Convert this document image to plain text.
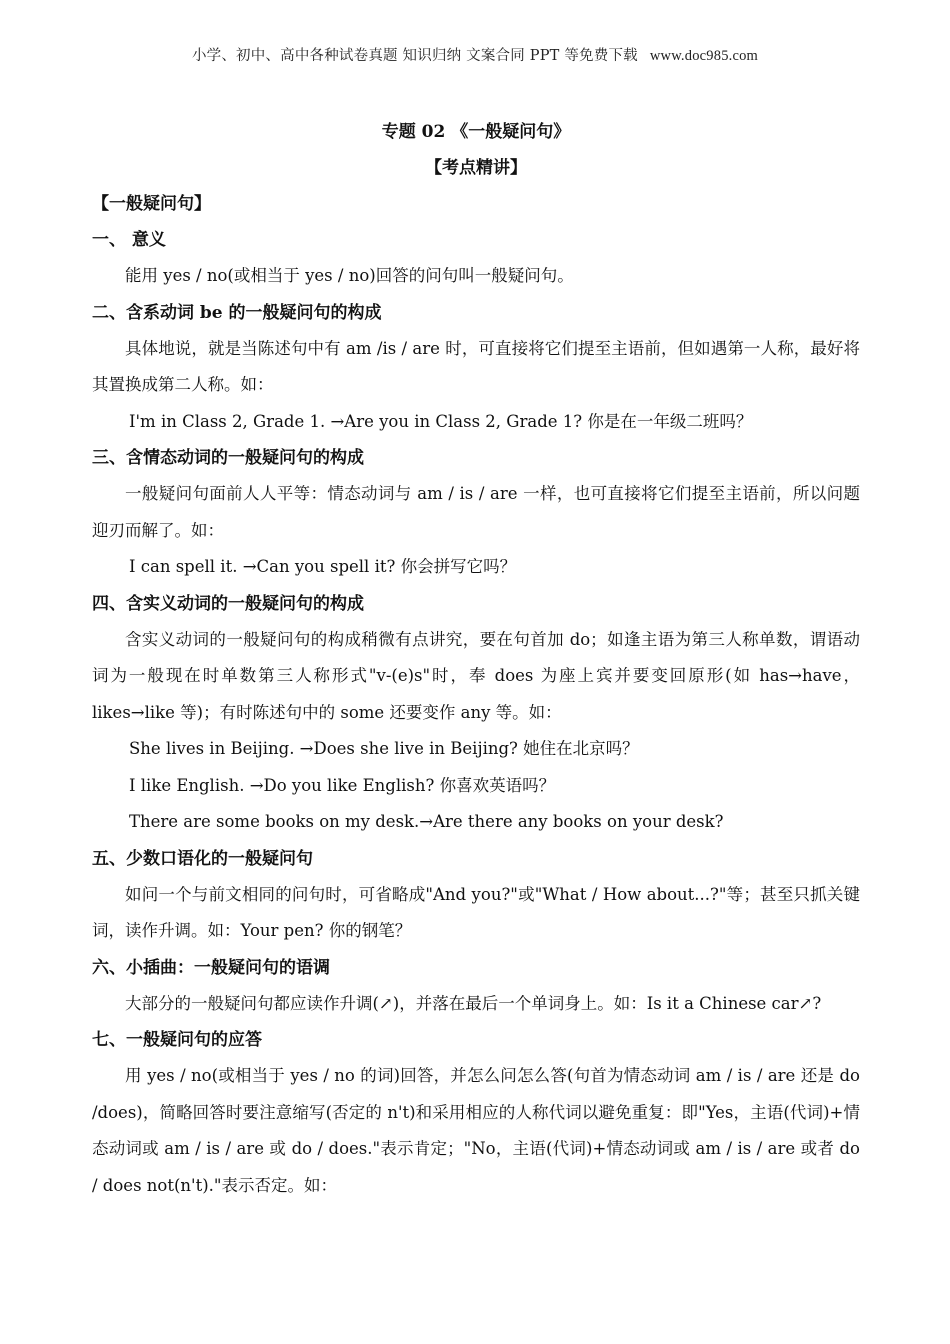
小学、初中、高中各种试卷真题 知识归纳 文案合同 PPT 等免费下载 www.doc985.com
专题 02 《一般疑问句》
【考点精讲】
【一般疑问句】
一、 意义

能用 yes / no(或相当于 yes / no)回答的问句叫一般疑问句。

二、含系动词 be 的一般疑问句的构成

具体地说，就是当陈述句中有 am /is / are 时，可直接将它们提至主语前，但如遇第一人称，最好将其置换成第二人称。如：

I'm in Class 2, Grade 1. →Are you in Class 2, Grade 1? 你是在一年级二班吗？

三、含情态动词的一般疑问句的构成

一般疑问句面前人人平等：情态动词与 am / is / are 一样，也可直接将它们提至主语前，所以问题迎刃而解了。如：

I can spell it. →Can you spell it? 你会拼写它吗？

四、含实义动词的一般疑问句的构成

含实义动词的一般疑问句的构成稍微有点讲究，要在句首加 do；如逢主语为第三人称单数，谓语动词为一般现在时单数第三人称形式"v-(e)s"时，奉 does 为座上宾并要变回原形(如 has→have，likes→like 等)；有时陈述句中的 some 还要变作 any 等。如：

She lives in Beijing. →Does she live in Beijing? 她住在北京吗？

I like English. →Do you like English? 你喜欢英语吗？

There are some books on my desk.→Are there any books on your desk?

五、少数口语化的一般疑问句

如问一个与前文相同的问句时，可省略成"And you?"或"What / How about...?"等；甚至只抓关键词，读作升调。如：Your pen? 你的钢笔？

六、小插曲：一般疑问句的语调

大部分的一般疑问句都应读作升调(↗)，并落在最后一个单词身上。如：Is it a Chinese car↗?

七、一般疑问句的应答

用 yes / no(或相当于 yes / no 的词)回答，并怎么问怎么答(句首为情态动词 am / is / are 还是 do /does)，简略回答时要注意缩写(否定的 n't)和采用相应的人称代词以避免重复：即"Yes，主语(代词)+情态动词或 am / is / are 或 do / does."表示肯定；"No，主语(代词)+情态动词或 am / is / are 或者 do / does not(n't)."表示否定。如：
